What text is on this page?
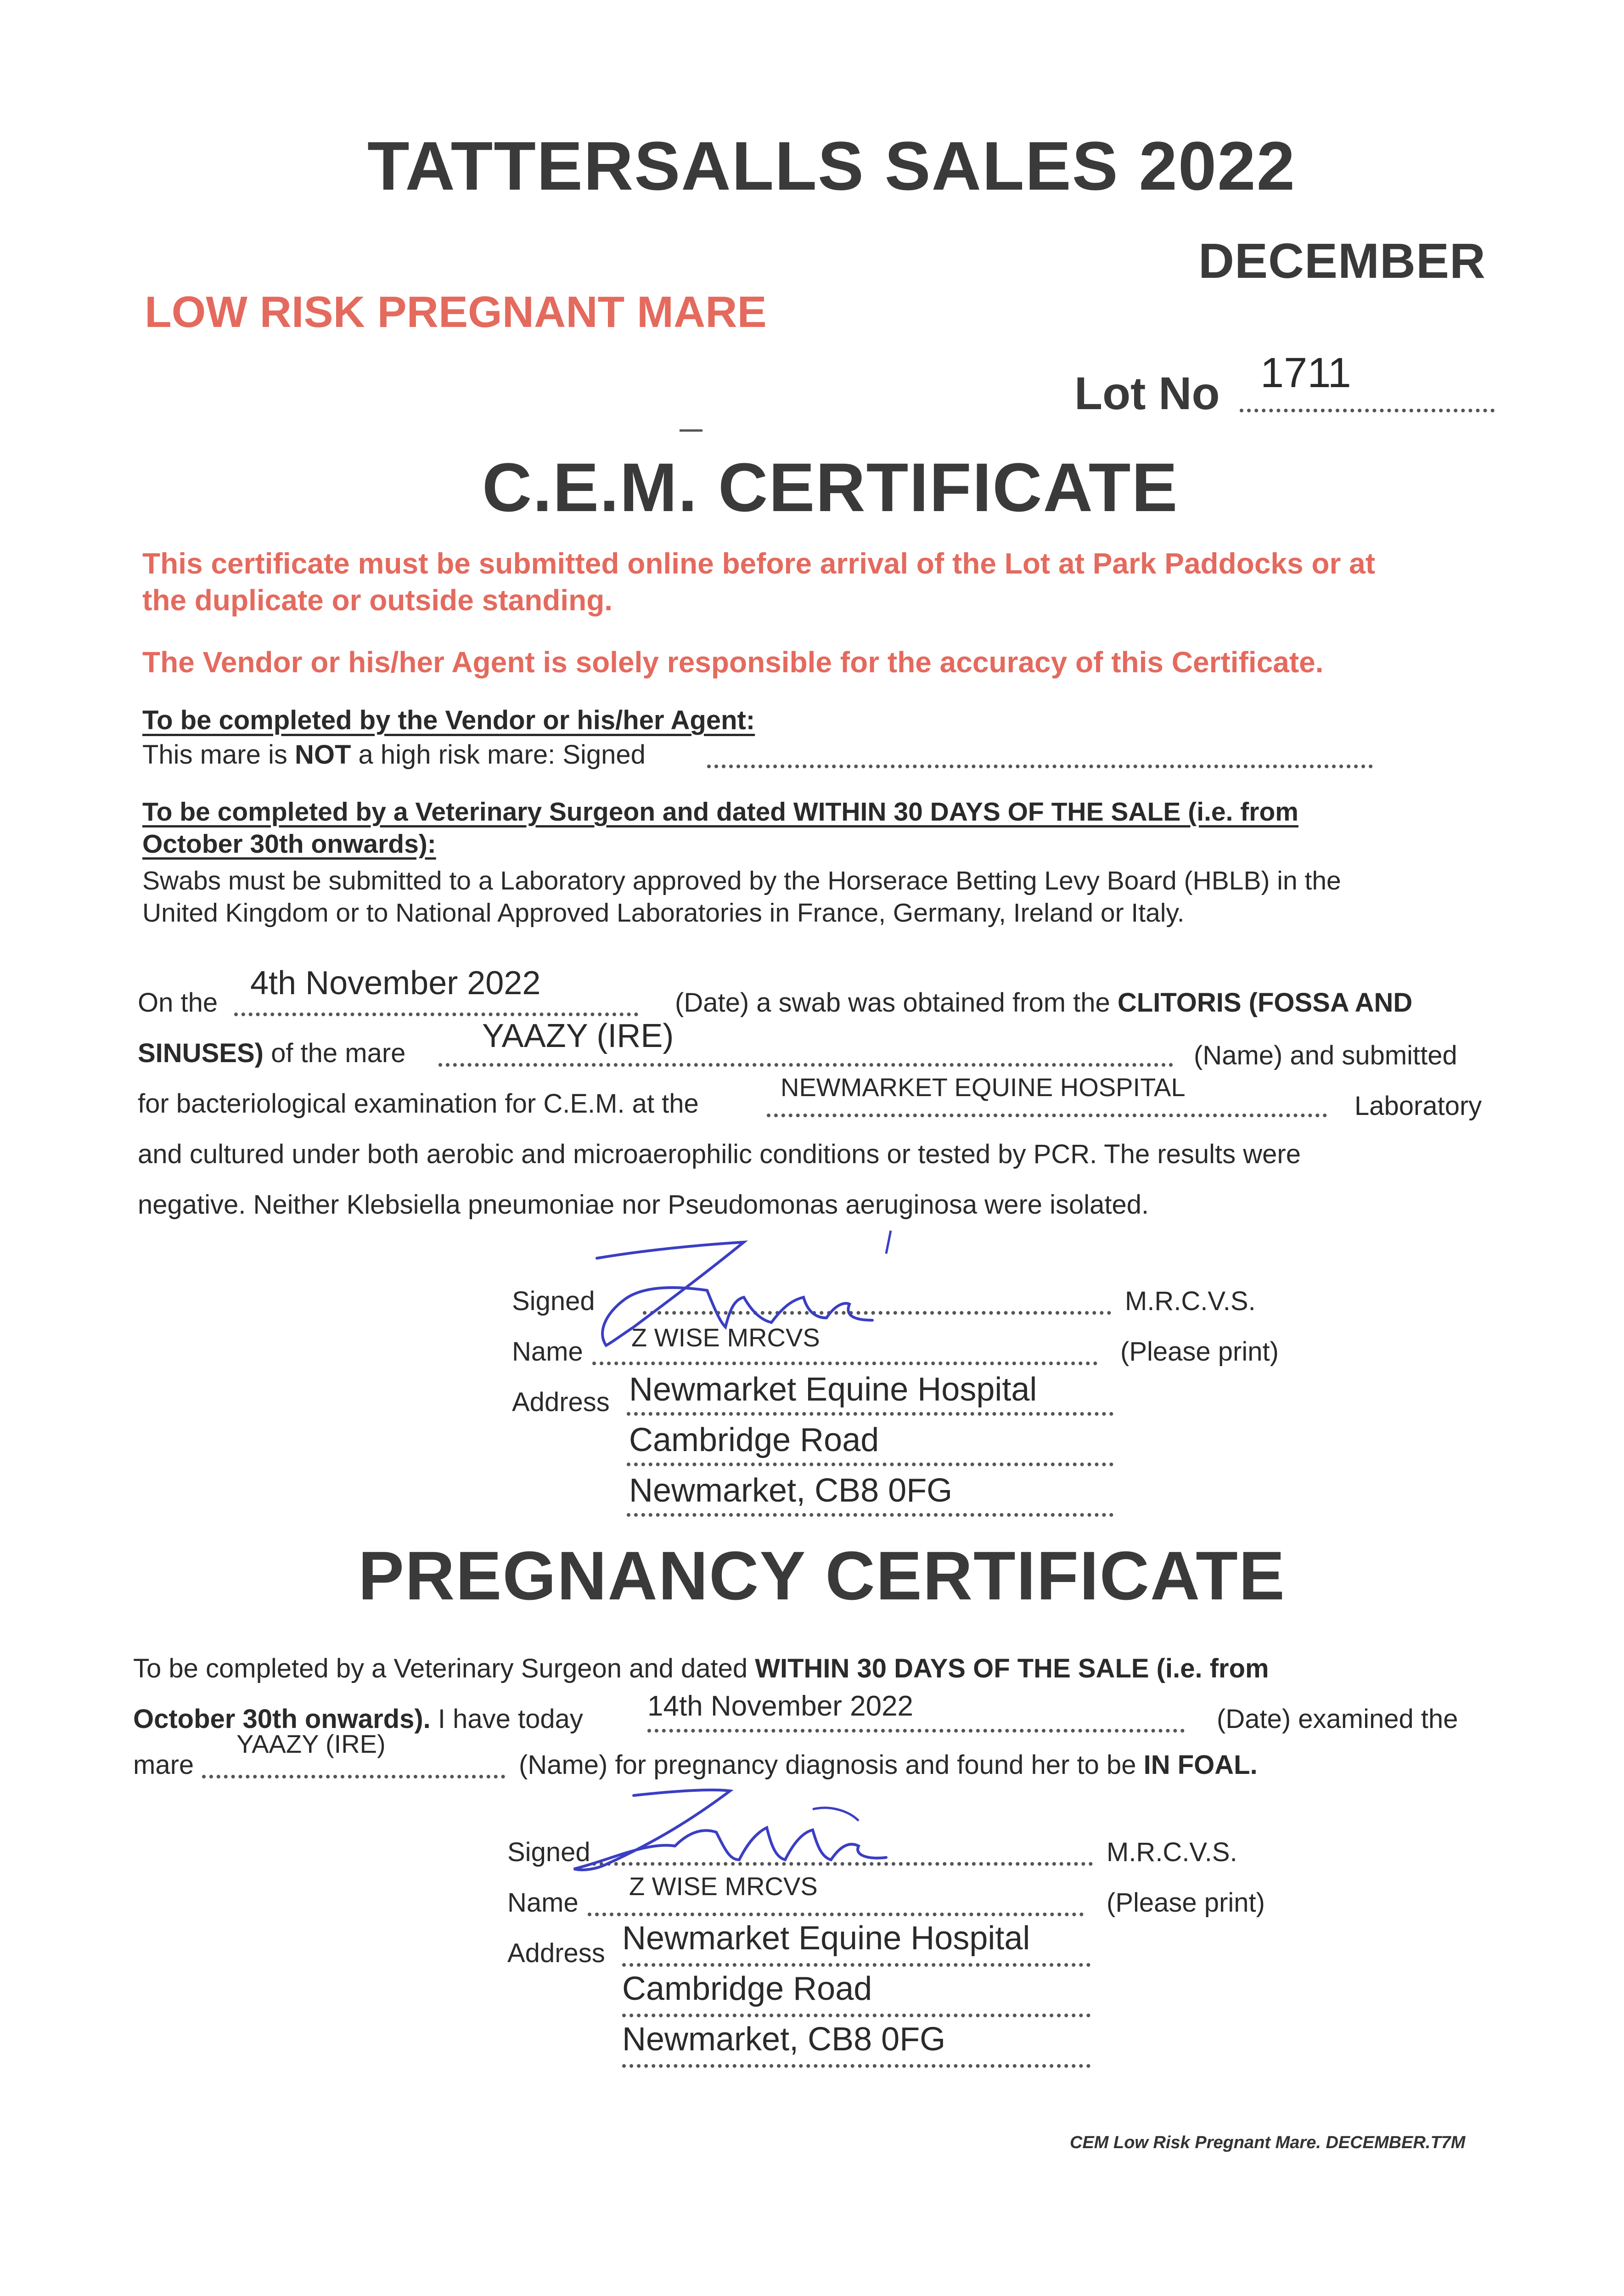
TATTERSALLS SALES 2022
DECEMBER
LOW RISK PREGNANT MARE
Lot No 1711
C.E.M. CERTIFICATE
This certificate must be submitted online before arrival of the Lot at Park Paddocks or at
the duplicate or outside standing.
The Vendor or his/her Agent is solely responsible for the accuracy of this Certificate.
To be completed by the Vendor or his/her Agent:
This mare is NOT a high risk mare: Signed
To be completed by a Veterinary Surgeon and dated WITHIN 30 DAYS OF THE SALE (i.e. from
October 30th onwards):
Swabs must be submitted to a Laboratory approved by the Horserace Betting Levy Board (HBLB) in the
United Kingdom or to National Approved Laboratories in France, Germany, Ireland or Italy.
On the
4th November 2022
(Date) a swab was obtained from the CLITORIS (FOSSA AND
SINUSES) of the mare YAAZY (IRE)
(Name) and submitted
for bacteriological examination for C.E.M. at the
NEWMARKET EQUINE HOSPITAL
Laboratory
and cultured under both aerobic and microaerophilic conditions or tested by PCR. The results were
negative. Neither Klebsiella pneumoniae nor Pseudomonas aeruginosa were isolated.
Signed	M.R.C.V.S.
Name Z WISE MRCVS	(Please print)
Address Newmarket Equine Hospital
Cambridge Road
Newmarket, CB8 0FG
PREGNANCY CERTIFICATE
To be completed by a Veterinary Surgeon and dated WITHIN 30 DAYS OF THE SALE (i.e. from
October 30th onwards). I have today 14th November 2022	(Date) examined the
mare
YAAZY (IRE)
(Name) for pregnancy diagnosis and found her to be IN FOAL.
Signed	M.R.C.V.S.
Name
Z WISE MRCVS
(Please print)
Address Newmarket Equine Hospital
Cambridge Road
Newmarket, CB8 0FG
CEM Low Risk Pregnant Mare. DECEMBER.T7M
